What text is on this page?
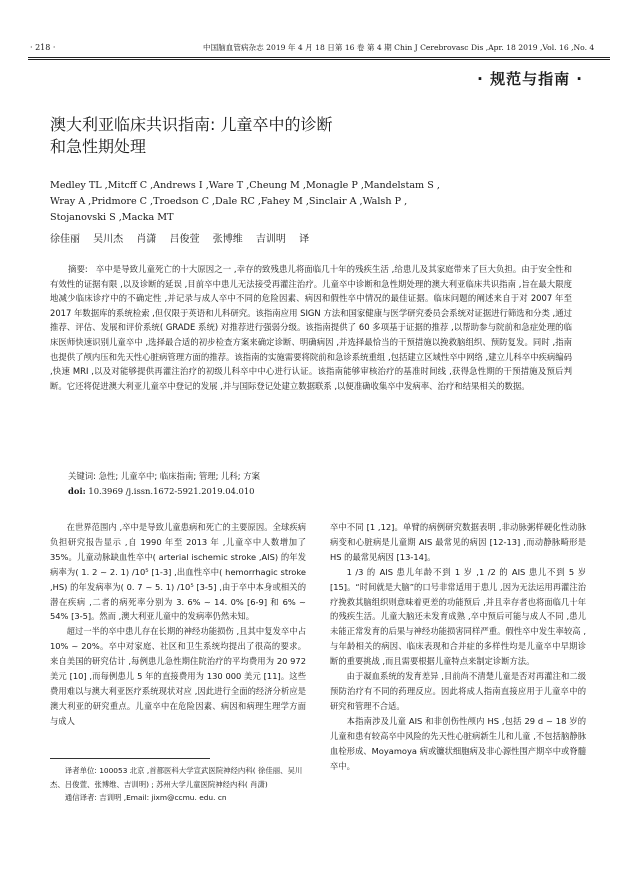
· 218 ·	中国脑血管病杂志 2019 年 4 月 18 日第 16 卷 第 4 期 Chin J Cerebrovasc Dis ,Apr. 18 2019 ,Vol. 16 ,No. 4
· 规范与指南 ·
澳大利亚临床共识指南: 儿童卒中的诊断
和急性期处理
Medley TL ,Mitcff C ,Andrews I ,Ware T ,Cheung M ,Monagle P ,Mandelstam S ,
Wray A ,Pridmore C ,Troedson C ,Dale RC ,Fahey M ,Sinclair A ,Walsh P ,
Stojanovski S ,Macka MT
徐佳丽 吴川杰 肖潇 吕俊萱 张博维 吉训明 译
摘要: 卒中是导致儿童死亡的十大原因之一 ,幸存的致残患儿将面临几十年的残疾生活 ,给患儿及其家庭带来了巨大负担。由于安全性和有效性的证据有限 ,以及诊断的延误 ,目前卒中患儿无法接受再灌注治疗。儿童卒中诊断和急性期处理的澳大利亚临床共识指南 ,旨在最大限度地减少临床诊疗中的不确定性 ,并记录与成人卒中不同的危险因素、病因和假性卒中情况的最佳证据。临床问题的阐述来自于对 2007 年至 2017 年数据库的系统检索 ,但仅限于英语和儿科研究。该指南应用 SIGN 方法和国家健康与医学研究委员会系统对证据进行筛选和分类 ,通过推荐、评估、发展和评价系统( GRADE 系统) 对推荐进行强弱分级。该指南提供了 60 多项基于证据的推荐 ,以帮助参与院前和急症处理的临床医师快速识别儿童卒中 ,选择最合适的初步检查方案来确定诊断、明确病因 ,并选择最恰当的干预措施以挽救脑组织、预防复发。同时 ,指南也提供了颅内压和先天性心脏病管理方面的推荐。该指南的实施需要将院前和急诊系统重组 ,包括建立区域性卒中网络 ,建立儿科卒中疾病编码 ,快速 MRI ,以及对能够提供再灌注治疗的初级儿科卒中中心进行认证。该指南能够审核治疗的基准时间线 ,获得急性期的干预措施及预后判断。它还将促进澳大利亚儿童卒中登记的发展 ,并与国际登记处建立数据联系 ,以便准确收集卒中发病率、治疗和结果相关的数据。
关键词: 急性; 儿童卒中; 临床指南; 管理; 儿科; 方案
doi: 10.3969 /j.issn.1672-5921.2019.04.010

在世界范围内 ,卒中是导致儿童患病和死亡的主要原因。全球疾病负担研究报告显示 ,自 1990 年至 2013 年 ,儿童卒中人数增加了 35%。儿童动脉缺血性卒中( arterial ischemic stroke ,AIS) 的年发病率为( 1. 2 ~ 2. 1) /10⁵ [1-3] ,出血性卒中( hemorrhagic stroke ,HS) 的年发病率为( 0. 7 ~ 5. 1) /10⁵ [3-5] ,由于卒中本身或相关的潜在疾病 ,二者的病死率分别为 3. 6% ~ 14. 0% [6-9] 和 6% ~ 54% [3-5]。然而 ,澳大利亚儿童中的发病率仍然未知。

超过一半的卒中患儿存在长期的神经功能损伤 ,且其中复发卒中占 10% ~ 20%。卒中对家庭、社区和卫生系统均提出了很高的要求。来自美国的研究估计 ,每例患儿急性期住院治疗的平均费用为 20 972 美元 [10] ,而每例患儿 5 年的直接费用为 130 000 美元 [11]。这些费用难以与澳大利亚医疗系统现状对应 ,因此进行全面的经济分析应是澳大利亚的研究重点。儿童卒中在危险因素、病因和病理生理学方面与成人

卒中不同 [1 ,12]。单臂的病例研究数据表明 ,非动脉粥样硬化性动脉病变和心脏病是儿童期 AIS 最常见的病因 [12-13] ,而动静脉畸形是 HS 的最常见病因 [13-14]。

1 /3 的 AIS 患儿年龄不到 1 岁 ,1 /2 的 AIS 患儿不到 5 岁 [15]。“时间就是大脑”的口号非常适用于患儿 ,因为无法运用再灌注治疗挽救其脑组织则意味着更差的功能预后 ,并且幸存者也将面临几十年的残疾生活。儿童大脑还未发育成熟 ,卒中预后可能与成人不同 ,患儿未能正常发育的后果与神经功能损害同样严重。假性卒中发生率较高 ,与年龄相关的病因、临床表现和合并症的多样性均是儿童卒中早期诊断的重要挑战 ,而且需要根据儿童特点来制定诊断方法。

由于凝血系统的发育差异 ,目前尚不清楚儿童是否对再灌注和二级预防治疗有不同的药理反应。因此将成人指南直接应用于儿童卒中的研究和管理不合适。

本指南涉及儿童 AIS 和非创伤性颅内 HS ,包括 29 d ~ 18 岁的儿童和患有较高卒中风险的先天性心脏病新生儿和儿童 ,不包括脑静脉血栓形成、Moyamoya 病或镰状细胞病及非心源性围产期卒中或脊髓卒中。

译者单位: 100053 北京 ,首都医科大学宣武医院神经内科( 徐佳丽、吴川杰、吕俊萱、张博维、吉训明) ; 苏州大学儿童医院神经内科( 肖潇)

通信译者: 吉训明 ,Email: jixm@ccmu. edu. cn
